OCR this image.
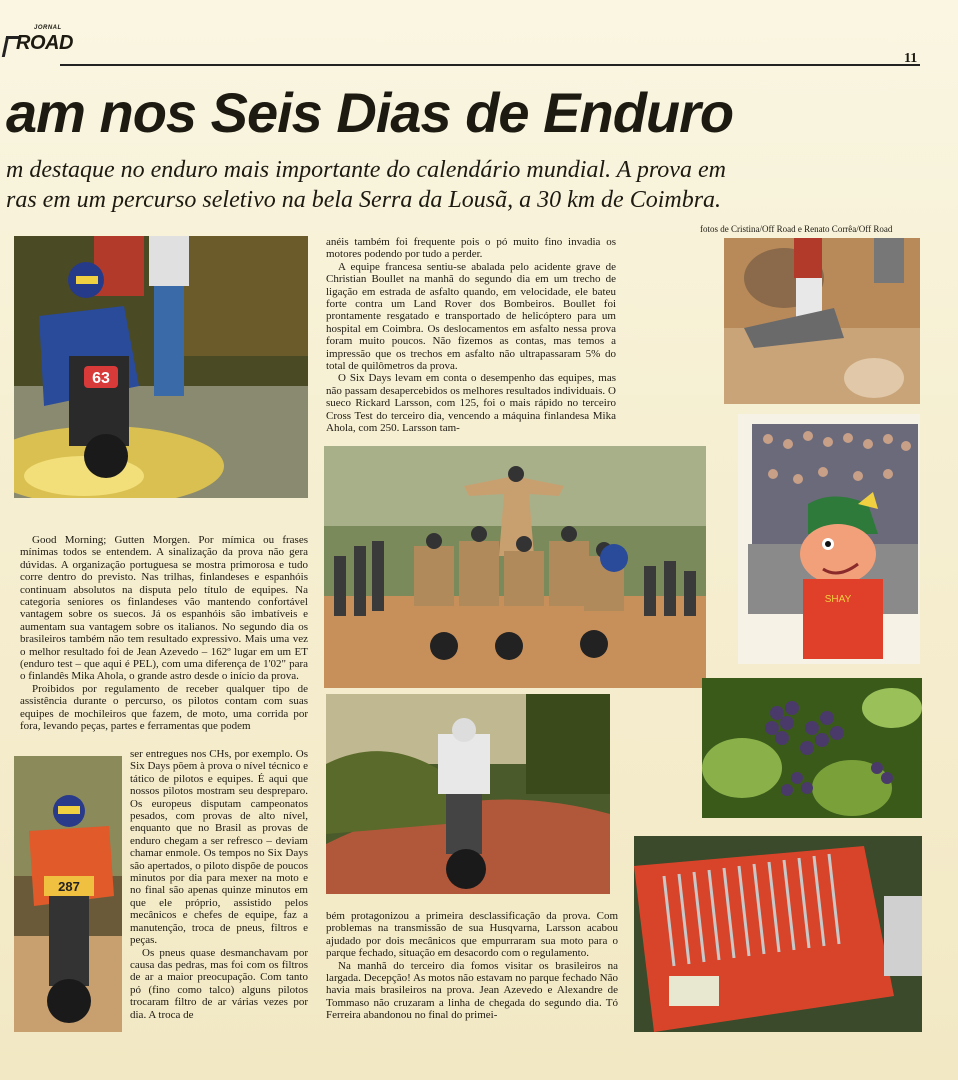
JORNAL
ROAD
11
am nos Seis Dias de Enduro
m destaque no enduro mais importante do calendário mundial. A prova em
ras em um percurso seletivo na bela Serra da Lousã, a 30 km de Coimbra.
fotos de Cristina/Off Road e Renato Corrêa/Off Road
63
SHAY
287

Good Morning; Gutten Morgen. Por mímica ou frases mínimas todos se entendem. A sinalização da prova não gera dúvidas. A organização portuguesa se mostra primorosa e tudo corre dentro do previsto. Nas trilhas, finlandeses e espanhóis continuam absolutos na disputa pelo título de equipes. Na categoria seniores os finlandeses vão mantendo confortável vantagem sobre os suecos. Já os espanhóis são imbatíveis e aumentam sua vantagem sobre os italianos. No segundo dia os brasileiros também não tem resultado expressivo. Mais uma vez o melhor resultado foi de Jean Azevedo – 162º lugar em um ET (enduro test – que aqui é PEL), com uma diferença de 1'02" para o finlandês Mika Ahola, o grande astro desde o início da prova.

Proibidos por regulamento de receber qualquer tipo de assistência durante o percurso, os pilotos contam com suas equipes de mochileiros que fazem, de moto, uma corrida por fora, levando peças, partes e ferramentas que podem

ser entregues nos CHs, por exemplo. Os Six Days põem à prova o nível técnico e tático de pilotos e equipes. É aqui que nossos pilotos mostram seu despreparo. Os europeus disputam campeonatos pesados, com provas de alto nível, enquanto que no Brasil as provas de enduro chegam a ser refresco – deviam chamar enmole. Os tempos no Six Days são apertados, o piloto dispõe de poucos minutos por dia para mexer na moto e no final são apenas quinze minutos em que ele próprio, assistido pelos mecânicos e chefes de equipe, faz a manutenção, troca de pneus, filtros e peças.

Os pneus quase desmanchavam por causa das pedras, mas foi com os filtros de ar a maior preocupação. Com tanto pó (fino como talco) alguns pilotos trocaram filtro de ar várias vezes por dia. A troca de

anéis também foi frequente pois o pó muito fino invadia os motores podendo por tudo a perder.

A equipe francesa sentiu-se abalada pelo acidente grave de Christian Boullet na manhã do segundo dia em um trecho de ligação em estrada de asfalto quando, em velocidade, ele bateu forte contra um Land Rover dos Bombeiros. Boullet foi prontamente resgatado e transportado de helicóptero para um hospital em Coimbra. Os deslocamentos em asfalto nessa prova foram muito poucos. Não fizemos as contas, mas temos a impressão que os trechos em asfalto não ultrapassaram 5% do total de quilômetros da prova.

O Six Days levam em conta o desempenho das equipes, mas não passam desapercebidos os melhores resultados individuais. O sueco Rickard Larsson, com 125, foi o mais rápido no terceiro Cross Test do terceiro dia, vencendo a máquina finlandesa Mika Ahola, com 250. Larsson tam-

bém protagonizou a primeira desclassificação da prova. Com problemas na transmissão de sua Husqvarna, Larsson acabou ajudado por dois mecânicos que empurraram sua moto para o parque fechado, situação em desacordo com o regulamento.

Na manhã do terceiro dia fomos visitar os brasileiros na largada. Decepção! As motos não estavam no parque fechado Não havia mais brasileiros na prova. Jean Azevedo e Alexandre de Tommaso não cruzaram a linha de chegada do segundo dia. Tó Ferreira abandonou no final do primei-
